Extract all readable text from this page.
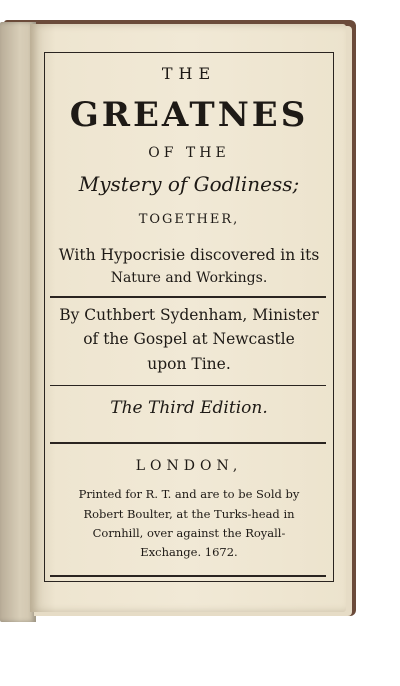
THE
GREATNES
OF THE
Mystery of Godliness;
TOGETHER,
With Hypocrisie discovered in its
Nature and Workings.
By Cuthbert Sydenham, Minister
of the Gospel at Newcastle
upon Tine.
The Third Edition.
LONDON,
Printed for R. T. and are to be Sold by
Robert Boulter, at the Turks-head in
Cornhill, over against the Royall-
Exchange. 1672.
